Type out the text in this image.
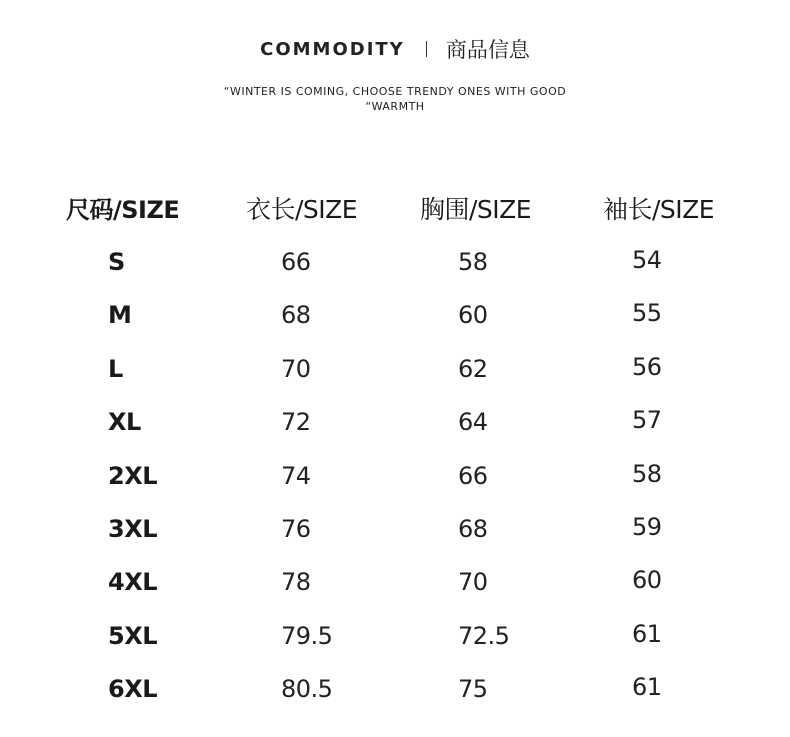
COMMODITY 商品信息
“WINTER IS COMING, CHOOSE TRENDY ONES WITH GOOD
“WARMTH
尺码/SIZE	衣长/SIZE	胸围/SIZE	袖长/SIZE
S	66	58	54
M	68	60	55
L	70	62	56
XL	72	64	57
2XL	74	66	58
3XL	76	68	59
4XL	78	70	60
5XL	79.5	72.5	61
6XL	80.5	75	61
